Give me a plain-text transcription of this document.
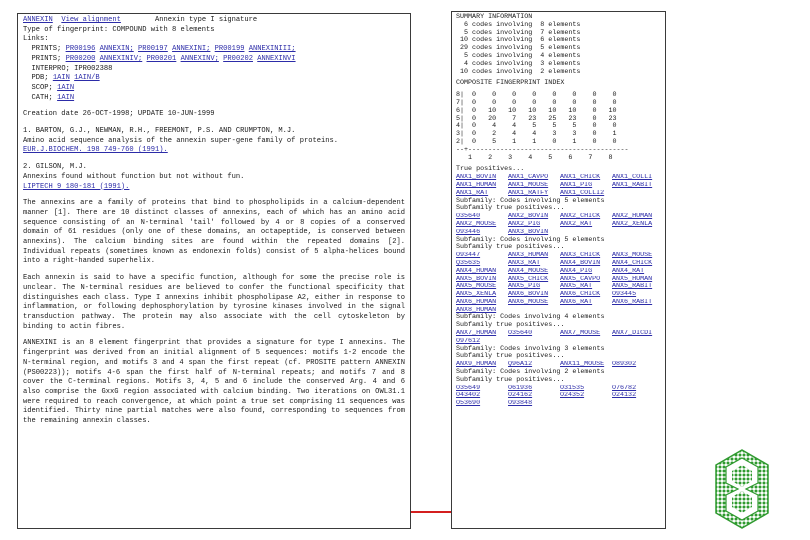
ANNEXIN View alignment	Annexin type I signature
Type of fingerprint: COMPOUND with 8 elements
Links:
PRINTS; PR00196 ANNEXIN; PR00197 ANNEXINI; PR00199 ANNEXINIII;
PRINTS; PR00200 ANNEXINIV; PR00201 ANNEXINV; PR00202 ANNEXINVI
INTERPRO; IPR002388
PDB; 1AIN 1AIN/B
SCOP; 1AIN
CATH; 1AIN
Creation date 26-OCT-1998; UPDATE 10-JUN-1999
1. BARTON, G.J., NEWMAN, R.H., FREEMONT, P.S. AND CRUMPTON, M.J.
Amino acid sequence analysis of the annexin super-gene family of proteins.
EUR.J.BIOCHEM. 198 749-760 (1991).
2. GILSON, M.J.
Annexins found without function but not without fun.
LIPTECH 9 180-181 (1991).

The annexins are a family of proteins that bind to phospholipids in a calcium-dependent manner [1]. There are 10 distinct classes of annexins, each of which has an amino acid sequence consisting of an N-terminal 'tail' followed by 4 or 8 copies of a conserved domain of 61 residues (only one of these domains, an octapeptide, is conserved between annexins). The calcium binding sites are found within the repeated domains [2]. Individual repeats (sometimes known as endonexin folds) consist of 5 alpha-helices bound into a right-handed superhelix.

Each annexin is said to have a specific function, although for some the precise role is unclear. The N-terminal residues are believed to confer the functional specificity that distinguishes each class. Type I annexins inhibit phospholipase A2, either in response to inflammation, or following dephosphorylation by tyrosine kinases involved in the signal transduction pathway. The protein may also associate with the cell cytoskeleton by binding to actin fibres.

ANNEXINI is an 8 element fingerprint that provides a signature for type I annexins. The fingerprint was derived from an initial alignment of 5 sequences: motifs 1-2 encode the N-terminal region, and motifs 3 and 4 span the first repeat (cf. PROSITE pattern ANNEXIN (PS00223)); motifs 4-6 span the first half of N-terminal repeats; and motifs 7 and 8 cover the C-terminal regions. Motifs 3, 4, 5 and 6 include the conserved Arg. 4 and 6 also comprise the GxxG region associated with calcium binding. Two iterations on OWL31.1 were required to reach convergence, at which point a true set comprising 11 sequences was identified. Thirty nine partial matches were also found, corresponding to sequences from the remaining annexin classes.

SUMMARY INFORMATION
6 codes involving  8 elements
5 codes involving  7 elements
10 codes involving  6 elements
29 codes involving  5 elements
5 codes involving  4 elements
4 codes involving  3 elements
10 codes involving  2 elements
COMPOSITE FINGERPRINT INDEX
8|  0    0    0    0    0    0    0    0
7|  0    0    0    0    0    0    0    0
6|  0   10   10   10   10   10    0   10
5|  0   20    7   23   25   23    0   23
4|  0    4    4    5    5    5    0    0
3|  0    2    4    4    3    3    0    1
2|  0    5    1    1    0    1    0    0
--+----------------------------------------
1    2    3    4    5    6    7    8
True positives...
ANX1_BOVIN	ANX1_CAVPO	ANX1_CHICK	ANX1_COLLI
ANX1_HUMAN	ANX1_MOUSE	ANX1_PIG	ANX1_RABIT
ANX1_RAT	ANX1_RATFY	ANX1_COLLI2
Subfamily: Codes involving 5 elements
Subfamily true positives...
O35640	ANX2_BOVIN	ANX2_CHICK	ANX2_HUMAN
ANX2_MOUSE	ANX2_PIG	ANX2_RAT	ANX2_XENLA
O93446	ANX3_BOVIN
Subfamily: Codes involving 5 elements
Subfamily true positives...
O93447	ANX3_HUMAN	ANX3_CHICK	ANX3_MOUSE
Q35635	ANX3_RAT	ANX4_BOVIN	ANX4_CHICK
ANX4_HUMAN	ANX4_MOUSE	ANX4_PIG	ANX4_RAT
ANX5_BOVIN	ANX5_CHICK	ANX5_CAVPO	ANX5_HUMAN
ANX5_MOUSE	ANX5_PIG	ANX5_RAT	ANX5_RABIT
ANX5_XENLA	ANX6_BOVIN	ANX6_CHICK	O93445
ANX6_HUMAN	ANX6_MOUSE	ANX6_RAT	ANX6_RABIT
ANX8_HUMAN
Subfamily: Codes involving 4 elements
Subfamily true positives...
ANX7_HUMAN	O35640	ANX7_MOUSE	ANX7_DICDI
O97612
Subfamily: Codes involving 3 elements
Subfamily true positives...
ANX9_HUMAN	Q96A12	ANX11_MOUSE	O89302
Subfamily: Codes involving 2 elements
Subfamily true positives...
O35649	O61936	O31535	O76782
O43402	O24162	O24352	O24132
O53690	O93848
